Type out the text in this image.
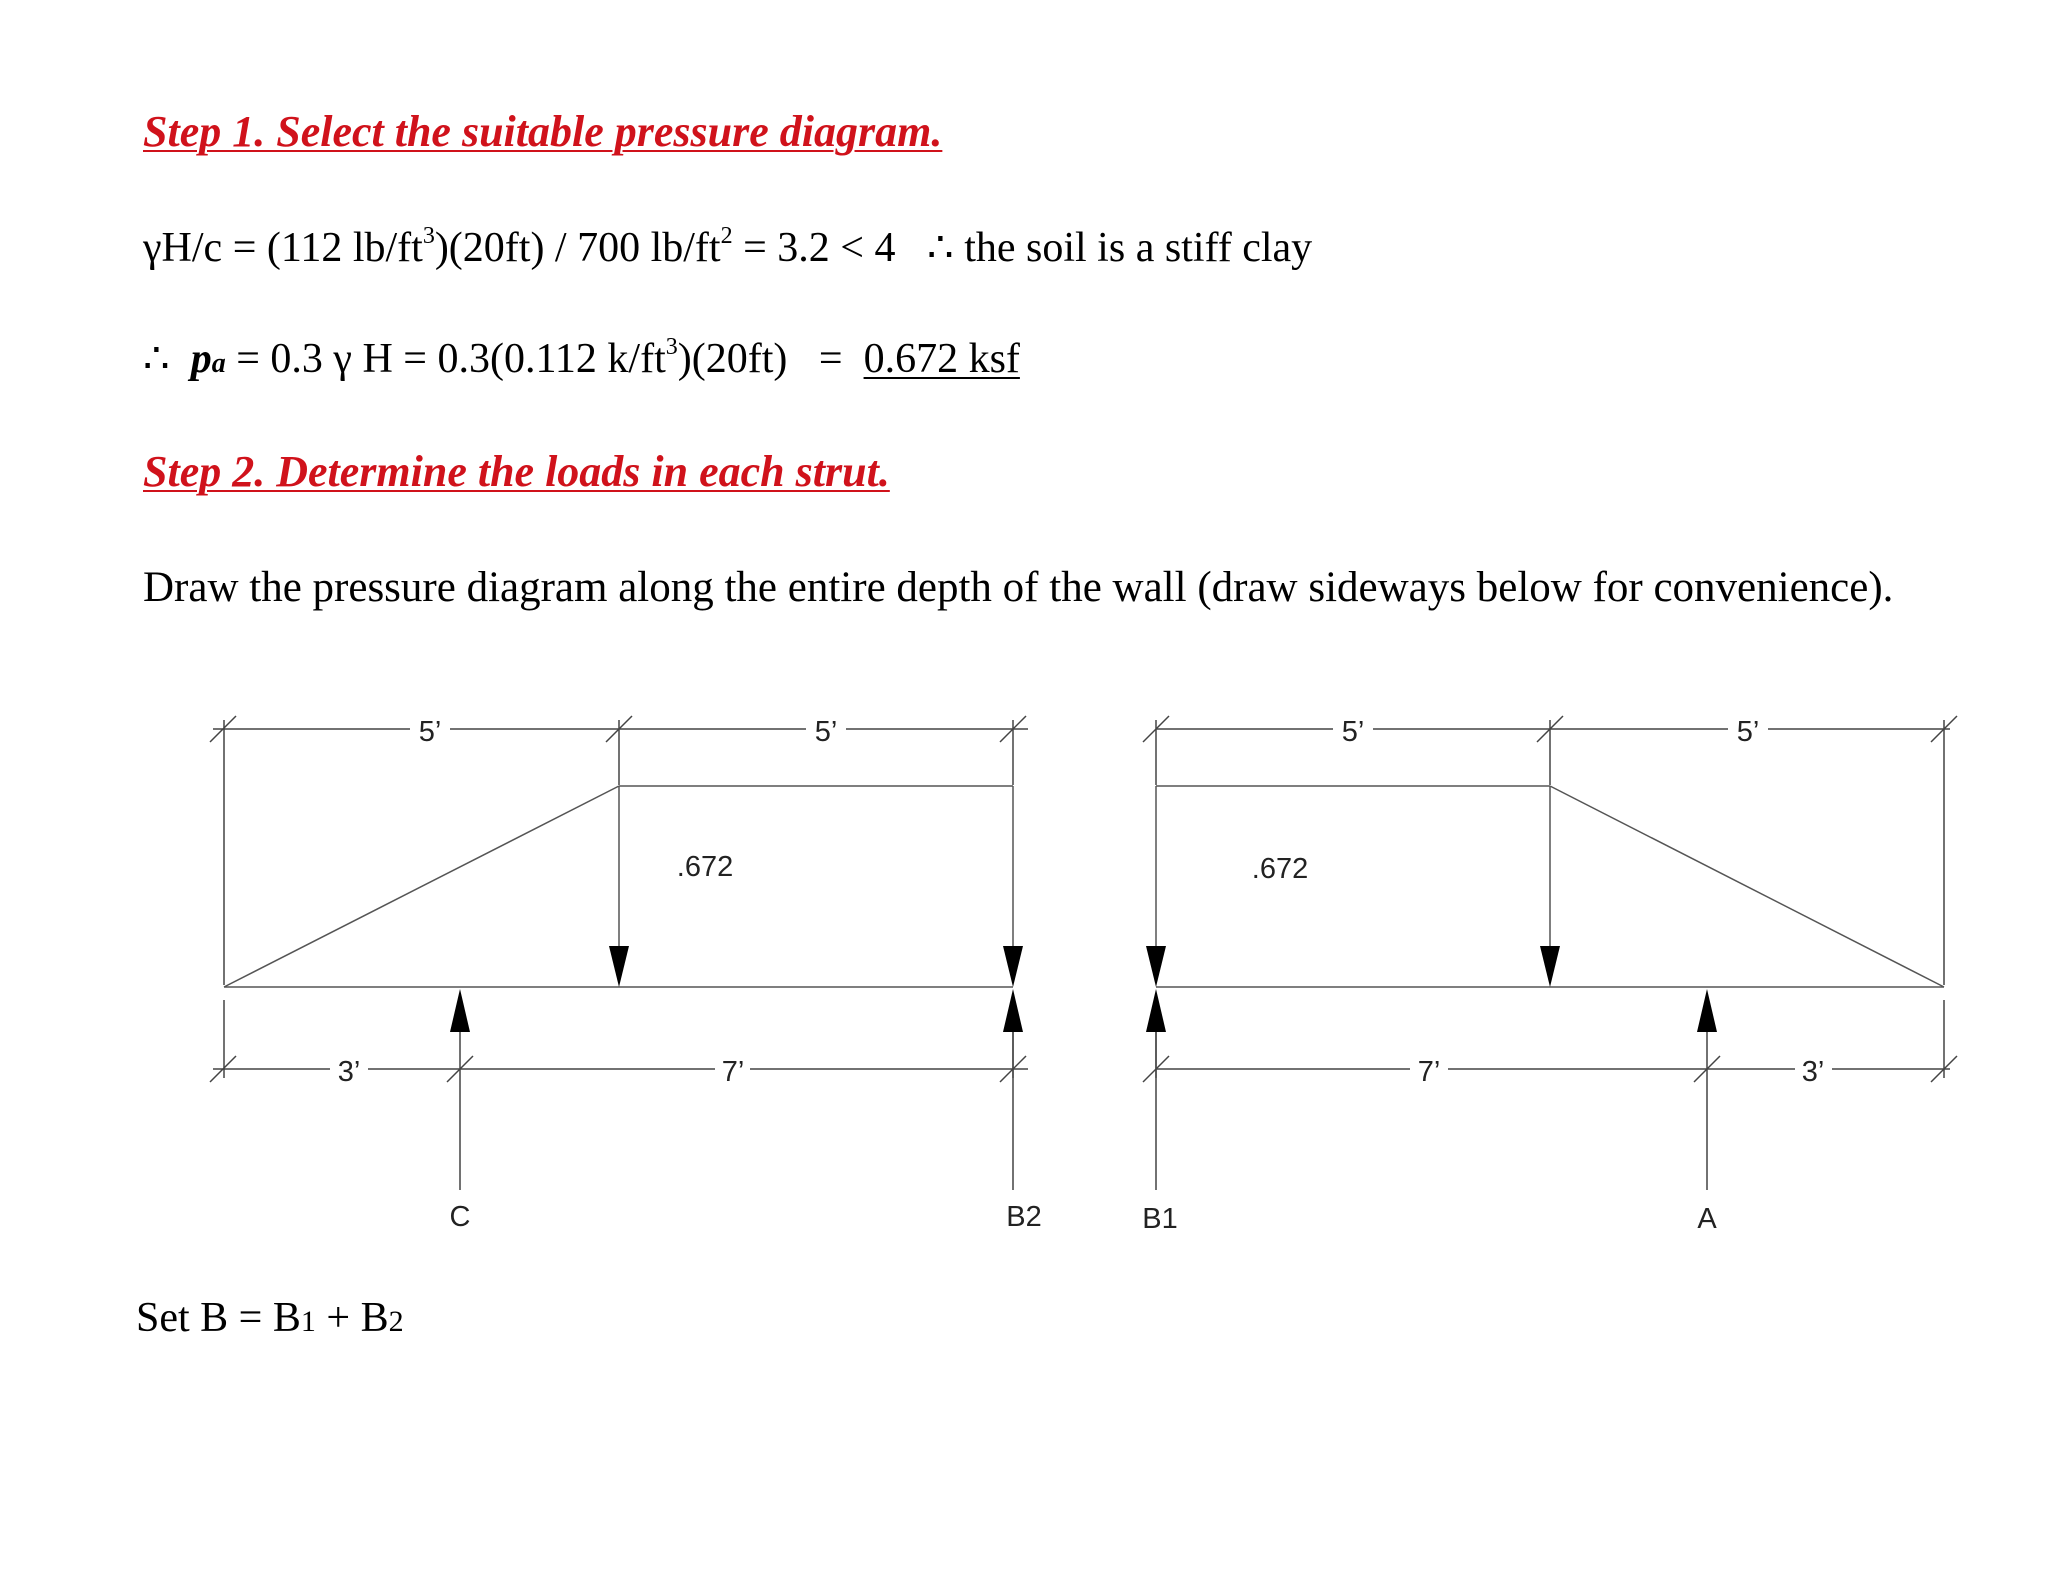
Step 1. Select the suitable pressure diagram.
γH/c = (112 $lb/ft^3)(20ft) / 700$ $lb/ft^2 = 3.2 < 4$   ∴ the soil is a stiff clay
∴ pa = 0.3 γ H = 0.3(0.112 $k/ft^3)(20ft) = 0.672$ ksf
Step 2. Determine the loads in each strut.
Draw the pressure diagram along the entire depth of the wall (draw sideways below for convenience).
5’	5’
.672
3’	7’
C	B2
5’	5’
.672
7’	3’
B1	A
Set B = B1 + B2
